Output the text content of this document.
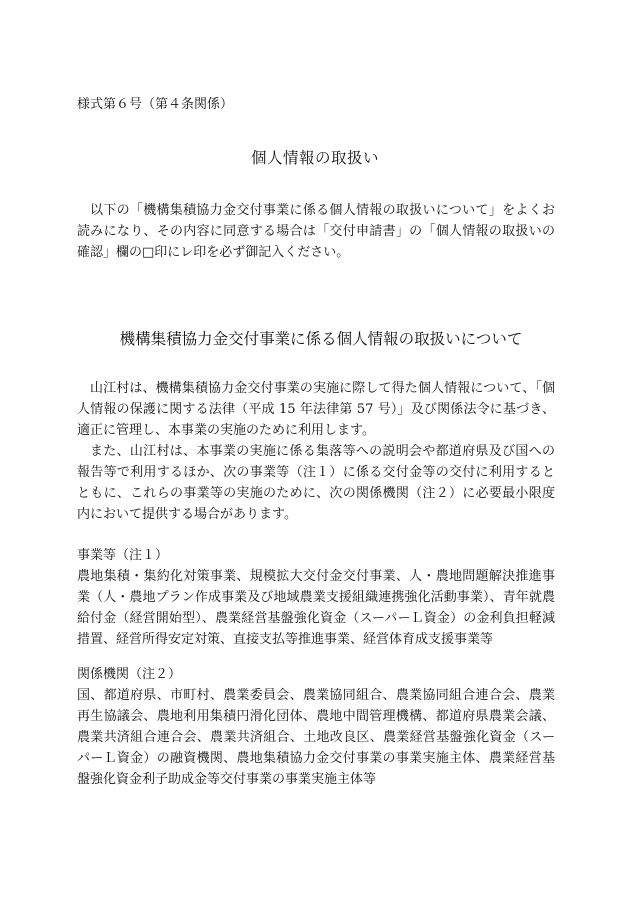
様式第６号（第４条関係）
個人情報の取扱い

以下の「機構集積協力金交付事業に係る個人情報の取扱いについて」をよくお読みになり、その内容に同意する場合は「交付申請書」の「個人情報の取扱いの確認」欄の□印にレ印を必ず御記入ください。

機構集積協力金交付事業に係る個人情報の取扱いについて

山江村は、機構集積協力金交付事業の実施に際して得た個人情報について、「個人情報の保護に関する法律（平成 15 年法律第 57 号）」及び関係法令に基づき、適正に管理し、本事業の実施のために利用します。

また、山江村は、本事業の実施に係る集落等への説明会や都道府県及び国への報告等で利用するほか、次の事業等（注１）に係る交付金等の交付に利用するとともに、これらの事業等の実施のために、次の関係機関（注２）に必要最小限度内において提供する場合があります。

事業等（注１）

農地集積・集約化対策事業、規模拡大交付金交付事業、人・農地問題解決推進事業（人・農地プラン作成事業及び地域農業支援組織連携強化活動事業）、青年就農給付金（経営開始型）、農業経営基盤強化資金（スーパーＬ資金）の金利負担軽減措置、経営所得安定対策、直接支払等推進事業、経営体育成支援事業等

関係機関（注２）

国、都道府県、市町村、農業委員会、農業協同組合、農業協同組合連合会、農業再生協議会、農地利用集積円滑化団体、農地中間管理機構、都道府県農業会議、農業共済組合連合会、農業共済組合、土地改良区、農業経営基盤強化資金（スーパーＬ資金）の融資機関、農地集積協力金交付事業の事業実施主体、農業経営基盤強化資金利子助成金等交付事業の事業実施主体等
